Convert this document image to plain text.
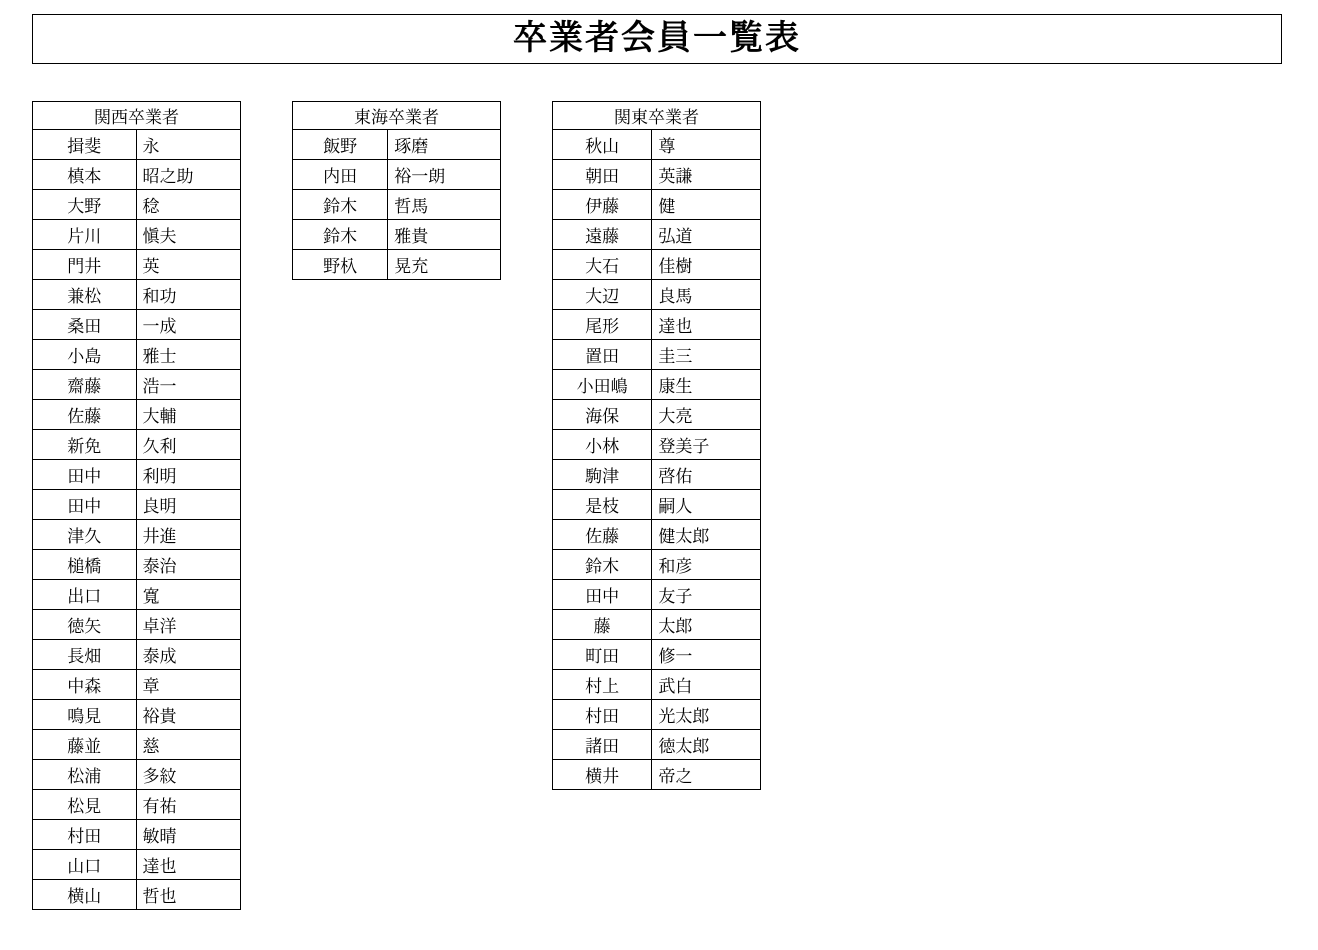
卒業者会員一覧表
関西卒業者
揖斐	永
槙本	昭之助
大野	稔
片川	愼夫
門井	英
兼松	和功
桑田	一成
小島	雅士
齋藤	浩一
佐藤	大輔
新免	久利
田中	利明
田中	良明
津久	井進
槌橋	泰治
出口	寬
徳矢	卓洋
長畑	泰成
中森	章
鳴見	裕貴
藤並	慈
松浦	多紋
松見	有祐
村田	敏晴
山口	達也
横山	哲也
東海卒業者
飯野	琢磨
内田	裕一朗
鈴木	哲馬
鈴木	雅貴
野杁	晃充
関東卒業者
秋山	尊
朝田	英謙
伊藤	健
遠藤	弘道
大石	佳樹
大辺	良馬
尾形	達也
置田	圭三
小田嶋	康生
海保	大亮
小林	登美子
駒津	啓佑
是枝	嗣人
佐藤	健太郎
鈴木	和彦
田中	友子
藤	太郎
町田	修一
村上	武白
村田	光太郎
諸田	徳太郎
横井	帝之
